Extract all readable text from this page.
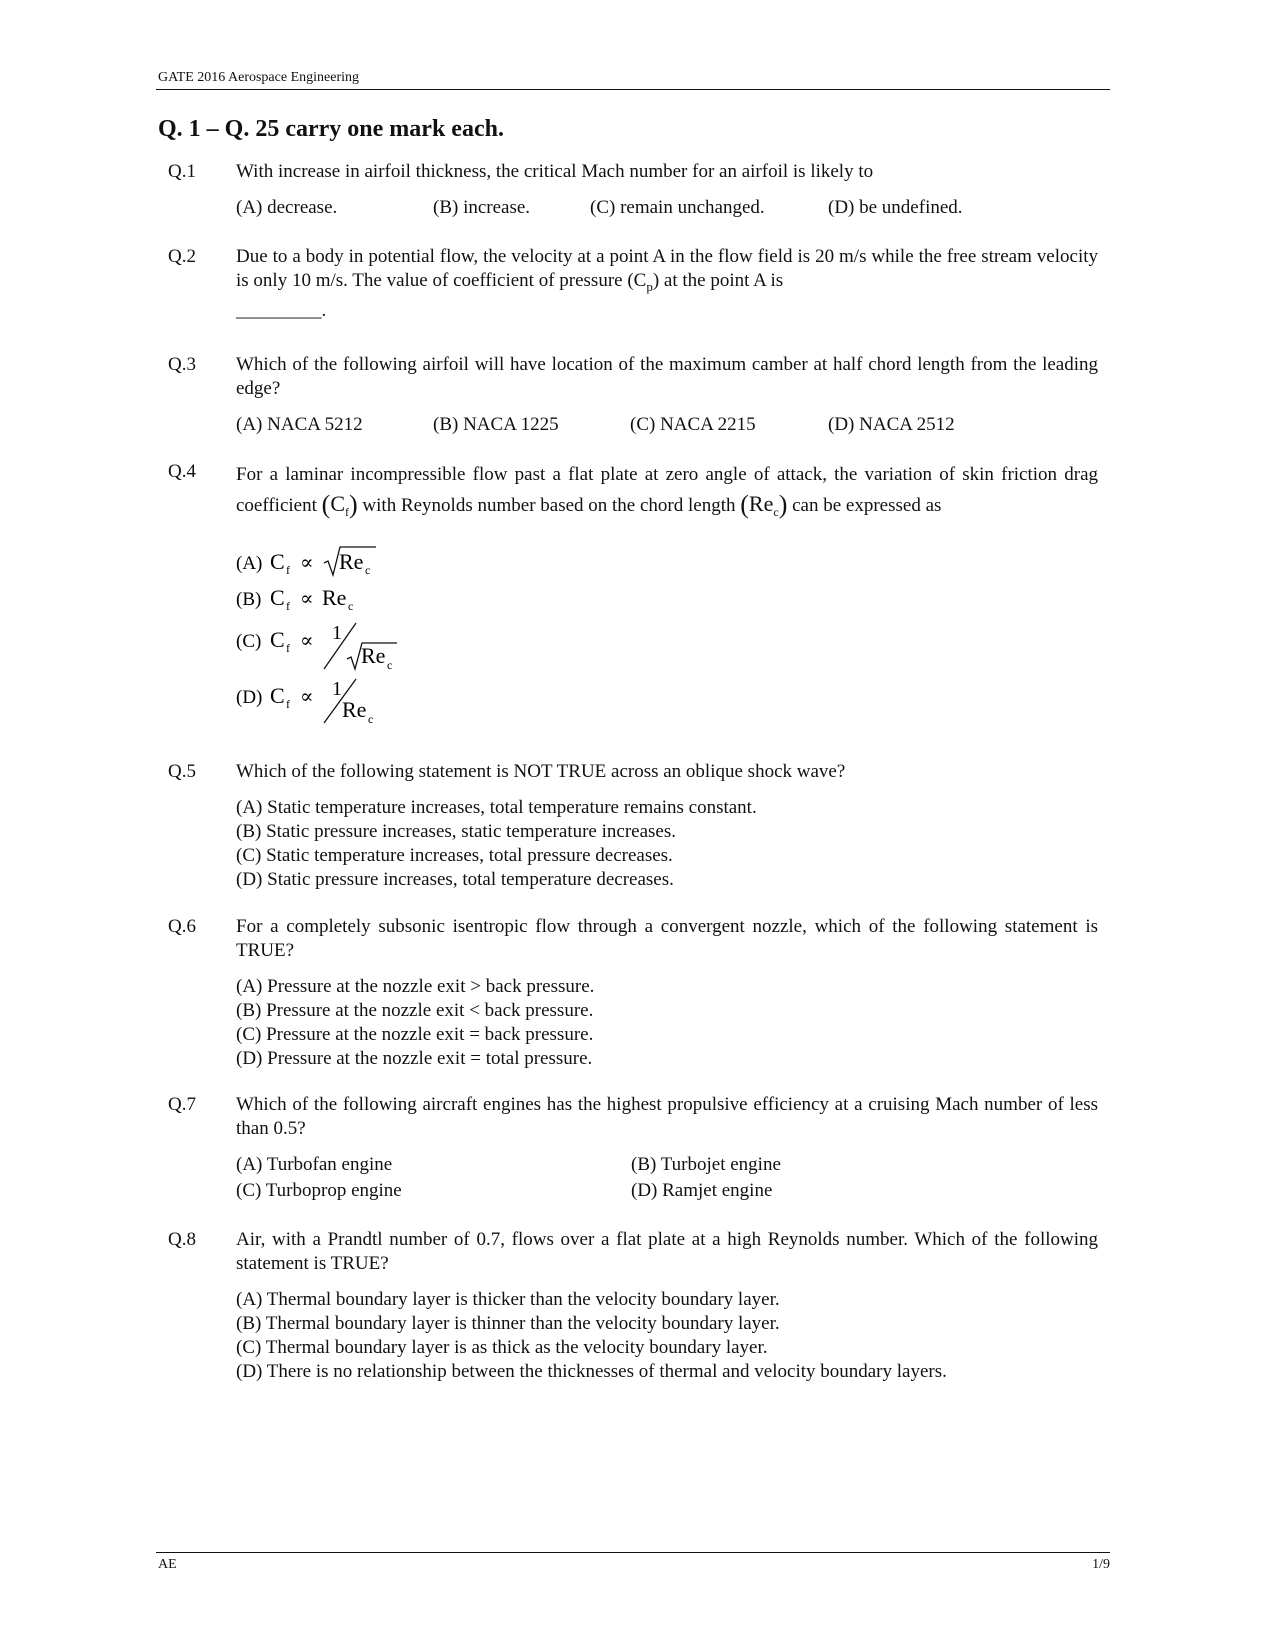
GATE 2016 Aerospace Engineering
Q. 1 – Q. 25 carry one mark each.
Q.1	With increase in airfoil thickness, the critical Mach number for an airfoil is likely to
(A) decrease.	(B) increase.	(C) remain unchanged.	(D) be undefined.
Q.2	Due to a body in potential flow, the velocity at a point A in the flow field is 20 m/s while the free stream velocity is only 10 m/s. The value of coefficient of pressure $(C_p)$ at the point A is
_________.
Q.3	Which of the following airfoil will have location of the maximum camber at half chord length from the leading edge?
(A) NACA 5212	(B) NACA 1225	(C) NACA 2215	(D) NACA 2512
Q.4	For a laminar incompressible flow past a flat plate at zero angle of attack, the variation of skin friction drag coefficient $(C_f)$ with Reynolds number based on the chord length $(Re_c)$ can be expressed as
(A) C f ∝ Re c
(B) C f ∝ Re c
(C) C f ∝ 1
Re c
(D) C f ∝ 1
Re c
Q.5	Which of the following statement is NOT TRUE across an oblique shock wave?
(A) Static temperature increases, total temperature remains constant.
(B) Static pressure increases, static temperature increases.
(C) Static temperature increases, total pressure decreases.
(D) Static pressure increases, total temperature decreases.
Q.6	For a completely subsonic isentropic flow through a convergent nozzle, which of the following statement is TRUE?
(A) Pressure at the nozzle exit > back pressure.
(B) Pressure at the nozzle exit < back pressure.
(C) Pressure at the nozzle exit = back pressure.
(D) Pressure at the nozzle exit = total pressure.
Q.7	Which of the following aircraft engines has the highest propulsive efficiency at a cruising Mach number of less than 0.5?
(A) Turbofan engine	(B) Turbojet engine
(C) Turboprop engine	(D) Ramjet engine
Q.8	Air, with a Prandtl number of 0.7, flows over a flat plate at a high Reynolds number. Which of the following statement is TRUE?
(A) Thermal boundary layer is thicker than the velocity boundary layer.
(B) Thermal boundary layer is thinner than the velocity boundary layer.
(C) Thermal boundary layer is as thick as the velocity boundary layer.
(D) There is no relationship between the thicknesses of thermal and velocity boundary layers.
AE	1/9
